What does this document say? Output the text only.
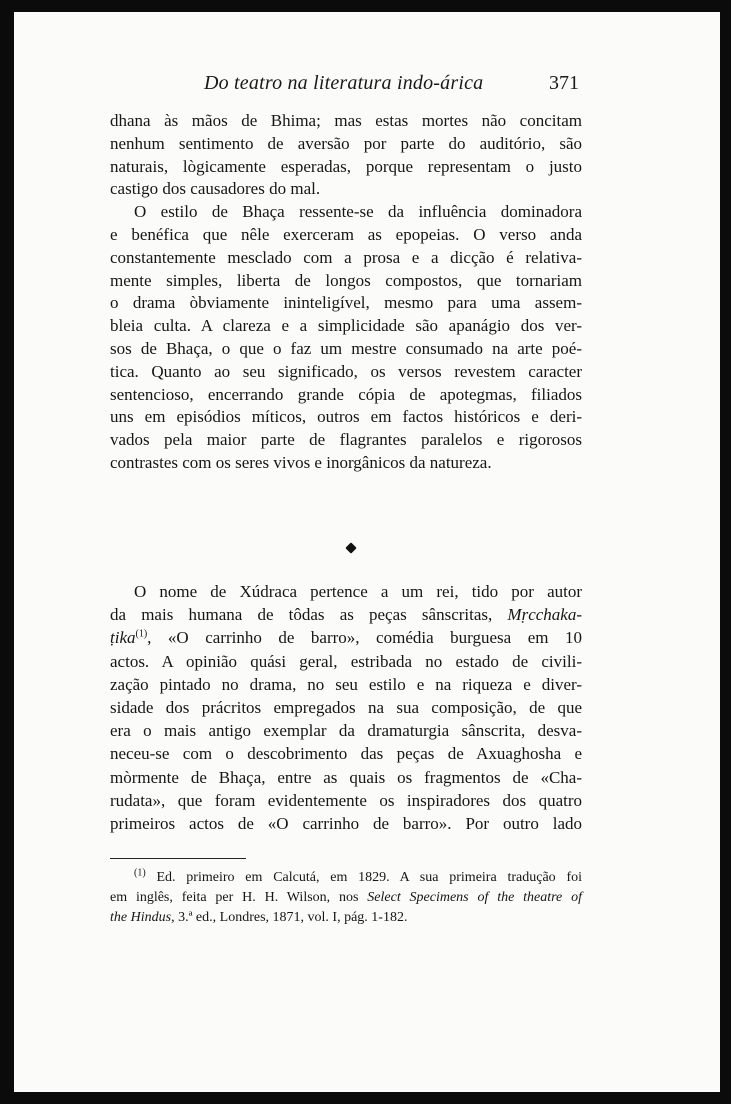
Do teatro na literatura indo-árica	371
dhana às mãos de Bhima; mas estas mortes não concitam
nenhum sentimento de aversão por parte do auditório, são
naturais, lògicamente esperadas, porque representam o justo
castigo dos causadores do mal.
O estilo de Bhaça ressente-se da influência dominadora
e benéfica que nêle exerceram as epopeias. O verso anda
constantemente mesclado com a prosa e a dicção é relativa-
mente simples, liberta de longos compostos, que tornariam
o drama òbviamente ininteligível, mesmo para uma assem-
bleia culta. A clareza e a simplicidade são apanágio dos ver-
sos de Bhaça, o que o faz um mestre consumado na arte poé-
tica. Quanto ao seu significado, os versos revestem caracter
sentencioso, encerrando grande cópia de apotegmas, filiados
uns em episódios míticos, outros em factos históricos e deri-
vados pela maior parte de flagrantes paralelos e rigorosos
contrastes com os seres vivos e inorgânicos da natureza.
O nome de Xúdraca pertence a um rei, tido por autor
da mais humana de tôdas as peças sânscritas, Mṛcchaka-
ṭika$^{(1)}$, «O carrinho de barro», comédia burguesa em 10
actos. A opinião quási geral, estribada no estado de civili-
zação pintado no drama, no seu estilo e na riqueza e diver-
sidade dos prácritos empregados na sua composição, de que
era o mais antigo exemplar da dramaturgia sânscrita, desva-
neceu-se com o descobrimento das peças de Axuaghosha e
mòrmente de Bhaça, entre as quais os fragmentos de «Cha-
rudata», que foram evidentemente os inspiradores dos quatro
primeiros actos de «O carrinho de barro». Por outro lado
$^{(1)}$ Ed. primeiro em Calcutá, em 1829. A sua primeira tradução foi
em inglês, feita per H. H. Wilson, nos Select Specimens of the theatre of
the Hindus, 3.ª ed., Londres, 1871, vol. I, pág. 1-182.
